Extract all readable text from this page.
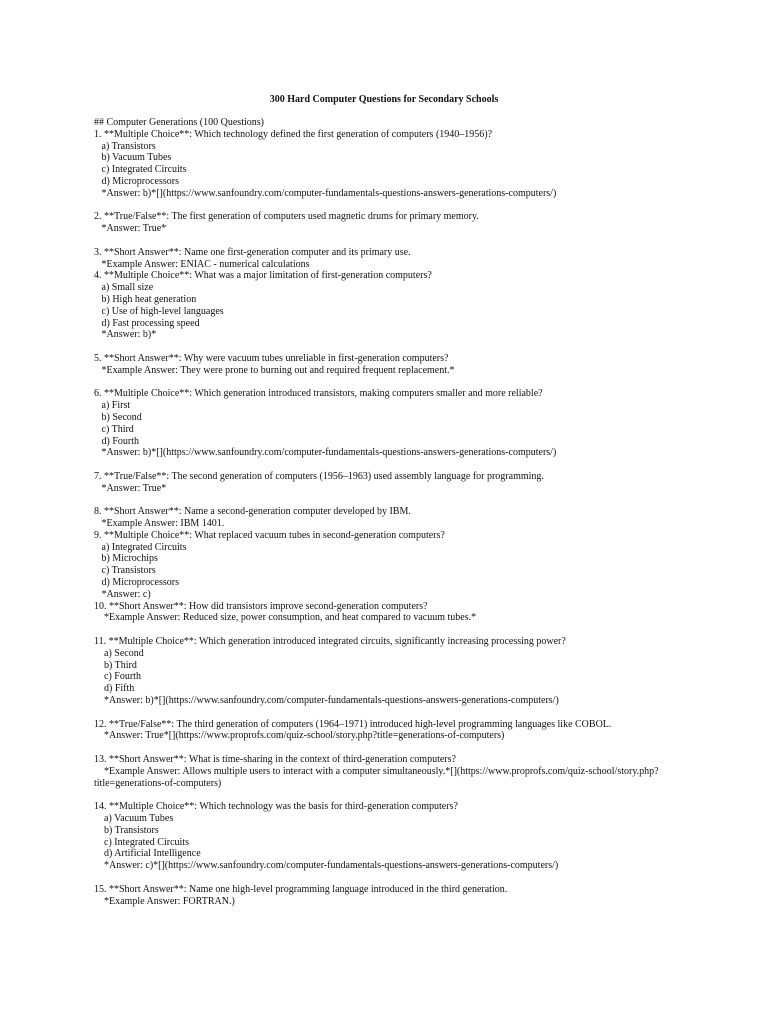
300 Hard Computer Questions for Secondary Schools
## Computer Generations (100 Questions)
1. **Multiple Choice**: Which technology defined the first generation of computers (1940–1956)?
a) Transistors
b) Vacuum Tubes
c) Integrated Circuits
d) Microprocessors
*Answer: b)*[](https://www.sanfoundry.com/computer-fundamentals-questions-answers-generations-computers/)
2. **True/False**: The first generation of computers used magnetic drums for primary memory.
*Answer: True*
3. **Short Answer**: Name one first-generation computer and its primary use.
*Example Answer: ENIAC - numerical calculations
4. **Multiple Choice**: What was a major limitation of first-generation computers?
a) Small size
b) High heat generation
c) Use of high-level languages
d) Fast processing speed
*Answer: b)*
5. **Short Answer**: Why were vacuum tubes unreliable in first-generation computers?
*Example Answer: They were prone to burning out and required frequent replacement.*
6. **Multiple Choice**: Which generation introduced transistors, making computers smaller and more reliable?
a) First
b) Second
c) Third
d) Fourth
*Answer: b)*[](https://www.sanfoundry.com/computer-fundamentals-questions-answers-generations-computers/)
7. **True/False**: The second generation of computers (1956–1963) used assembly language for programming.
*Answer: True*
8. **Short Answer**: Name a second-generation computer developed by IBM.
*Example Answer: IBM 1401.
9. **Multiple Choice**: What replaced vacuum tubes in second-generation computers?
a) Integrated Circuits
b) Microchips
c) Transistors
d) Microprocessors
*Answer: c)
10. **Short Answer**: How did transistors improve second-generation computers?
*Example Answer: Reduced size, power consumption, and heat compared to vacuum tubes.*
11. **Multiple Choice**: Which generation introduced integrated circuits, significantly increasing processing power?
a) Second
b) Third
c) Fourth
d) Fifth
*Answer: b)*[](https://www.sanfoundry.com/computer-fundamentals-questions-answers-generations-computers/)
12. **True/False**: The third generation of computers (1964–1971) introduced high-level programming languages like COBOL.
*Answer: True*[](https://www.proprofs.com/quiz-school/story.php?title=generations-of-computers)
13. **Short Answer**: What is time-sharing in the context of third-generation computers?
*Example Answer: Allows multiple users to interact with a computer simultaneously.*[](https://www.proprofs.com/quiz-school/story.php?
title=generations-of-computers)
14. **Multiple Choice**: Which technology was the basis for third-generation computers?
a) Vacuum Tubes
b) Transistors
c) Integrated Circuits
d) Artificial Intelligence
*Answer: c)*[](https://www.sanfoundry.com/computer-fundamentals-questions-answers-generations-computers/)
15. **Short Answer**: Name one high-level programming language introduced in the third generation.
*Example Answer: FORTRAN.)
